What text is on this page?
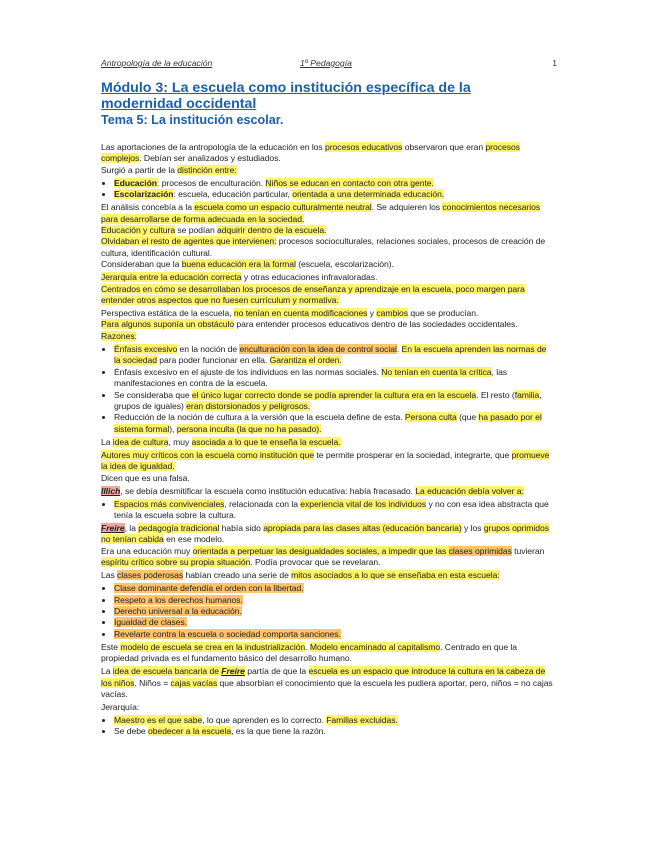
Antropología de la educación	1º Pedagogía	1
Módulo 3: La escuela como institución específica de la modernidad occidental
Tema 5: La institución escolar.
Las aportaciones de la antropología de la educación en los procesos educativos observaron que eran procesos complejos. Debían ser analizados y estudiados.
Surgió a partir de la distinción entre:
• Educación: procesos de enculturación. Niños se educan en contacto con otra gente.
• Escolarización: escuela, educación particular, orientada a una determinada educación.
El análisis concebía a la escuela como un espacio culturalmente neutral. Se adquieren los conocimientos necesarios para desarrollarse de forma adecuada en la sociedad.
Educación y cultura se podían adquirir dentro de la escuela.
Olvidaban el resto de agentes que intervienen: procesos socioculturales, relaciones sociales, procesos de creación de cultura, identificación cultural.
Consideraban que la buena educación era la formal (escuela, escolarización).
Jerarquía entre la educación correcta y otras educaciones infravaloradas.
Centrados en cómo se desarrollaban los procesos de enseñanza y aprendizaje en la escuela, poco margen para entender otros aspectos que no fuesen currículum y normativa.
Perspectiva estática de la escuela, no tenían en cuenta modificaciones y cambios que se producían.
Para algunos suponía un obstáculo para entender procesos educativos dentro de las sociedades occidentales. Razones:
• Énfasis excesivo en la noción de enculturación con la idea de control social. En la escuela aprenden las normas de la sociedad para poder funcionar en ella. Garantiza el orden.
• Énfasis excesivo en el ajuste de los individuos en las normas sociales. No tenían en cuenta la crítica, las manifestaciones en contra de la escuela.
• Se consideraba que el único lugar correcto donde se podía aprender la cultura era en la escuela. El resto (familia, grupos de iguales) eran distorsionados y peligrosos.
• Reducción de la noción de cultura a la versión que la escuela define de esta. Persona culta (que ha pasado por el sistema formal), persona inculta (la que no ha pasado).
La idea de cultura, muy asociada a lo que te enseña la escuela.
Autores muy críticos con la escuela como institución que te permite prosperar en la sociedad, integrarte, que promueve la idea de igualdad.
Dicen que es una falsa.
Illich, se debía desmitificar la escuela como institución educativa: había fracasado. La educación debía volver a:
• Espacios más convivenciales, relacionada con la experiencia vital de los individuos y no con esa idea abstracta que tenía la escuela sobre la cultura.
Freire, la pedagogía tradicional había sido apropiada para las clases altas (educación bancaria) y los grupos oprimidos no tenían cabida en ese modelo.
Era una educación muy orientada a perpetuar las desigualdades sociales, a impedir que las clases oprimidas tuvieran espíritu crítico sobre su propia situación. Podía provocar que se revelaran.
Las clases poderosas habían creado una serie de mitos asociados a lo que se enseñaba en esta escuela:
• Clase dominante defendía el orden con la libertad.
• Respeto a los derechos humanos.
• Derecho universal a la educación.
• Igualdad de clases.
• Revelarte contra la escuela o sociedad comporta sanciones.
Este modelo de escuela se crea en la industrialización. Modelo encaminado al capitalismo. Centrado en que la propiedad privada es el fundamento básico del desarrollo humano.
La idea de escuela bancaria de Freire partía de que la escuela es un espacio que introduce la cultura en la cabeza de los niños. Niños = cajas vacías que absorbían el conocimiento que la escuela les pudiera aportar, pero, niños = no cajas vacías.
Jerarquía:
• Maestro es el que sabe, lo que aprenden es lo correcto. Familias excluidas.
• Se debe obedecer a la escuela, es la que tiene la razón.
